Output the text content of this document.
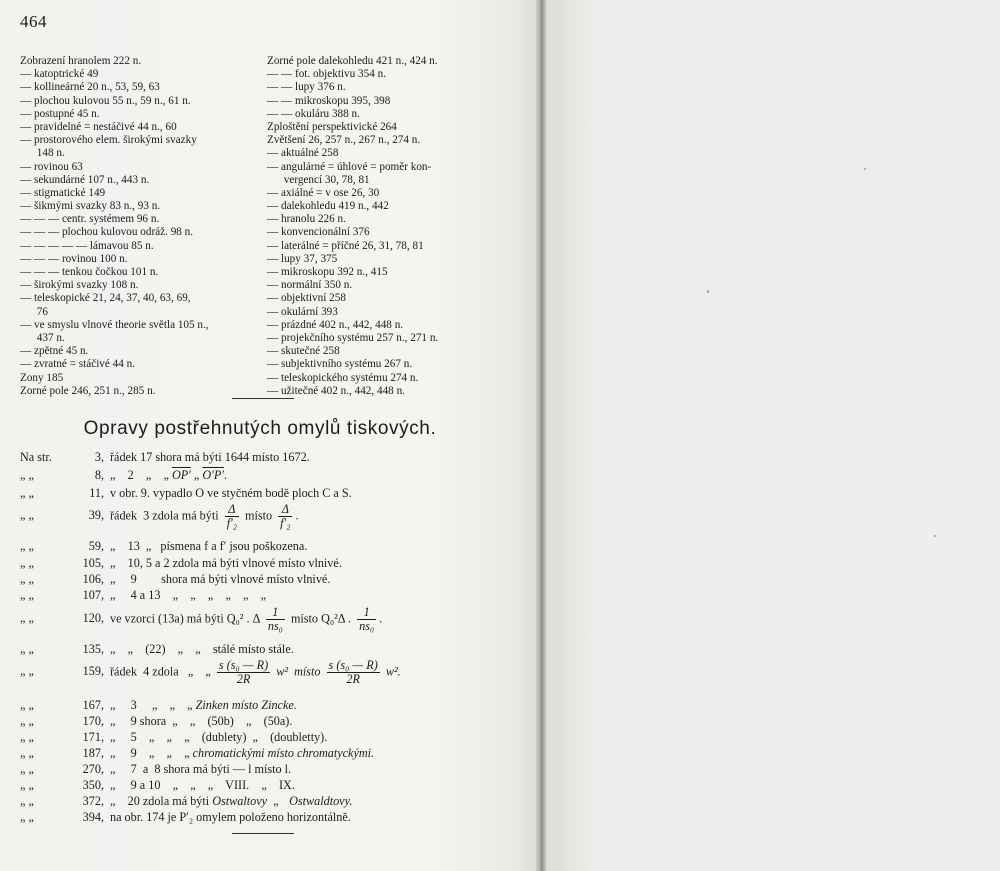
464
Zobrazení hranolem 222 n.
— katoptrické 49
— kollineárné 20 n., 53, 59, 63
— plochou kulovou 55 n., 59 n., 61 n.
— postupné 45 n.
— pravidelné = nestáčivé 44 n., 60
— prostorového elem. širokými svazky
148 n.
— rovinou 63
— sekundárné 107 n., 443 n.
— stigmatické 149
— šikmými svazky 83 n., 93 n.
— — — centr. systémem 96 n.
— — — plochou kulovou odráž. 98 n.
— — — — — lámavou 85 n.
— — — rovinou 100 n.
— — — tenkou čočkou 101 n.
— širokými svazky 108 n.
— teleskopické 21, 24, 37, 40, 63, 69,
76
— ve smyslu vlnové theorie světla 105 n.,
437 n.
— zpětné 45 n.
— zvratné = stáčivé 44 n.
Zony 185
Zorné pole 246, 251 n., 285 n.
Zorné pole dalekohledu 421 n., 424 n.
— — fot. objektivu 354 n.
— — lupy 376 n.
— — mikroskopu 395, 398
— — okuláru 388 n.
Zploštění perspektivické 264
Zvětšení 26, 257 n., 267 n., 274 n.
— aktuálné 258
— angulárné = úhlové = poměr kon-
vergencí 30, 78, 81
— axiálné = v ose 26, 30
— dalekohledu 419 n., 442
— hranolu 226 n.
— konvencionální 376
— laterálné = příčné 26, 31, 78, 81
— lupy 37, 375
— mikroskopu 392 n., 415
— normální 350 n.
— objektivní 258
— okulární 393
— prázdné 402 n., 442, 448 n.
— projekčního systému 257 n., 271 n.
— skutečné 258
— subjektivního systému 267 n.
— teleskopického systému 274 n.
— užitečné 402 n., 442, 448 n.
Opravy postřehnutých omylů tiskových.
Na str.	3, řádek 17 shora má býti 1644 místo 1672.
„ „	8, „    2    „    „ OP′ „ O′P′.
„ „	11, v obr. 9. vypadlo O ve styčném bodě ploch C a S.
„ „	39, řádek  3 zdola má býti $\frac{\Delta}{\text{f′₂}}$ místo $\frac{\Delta}{\text{f′₂}}$ .
„ „	59, „    13  „   písmena f a f′ jsou poškozena.
„ „	105, „    10, 5 a 2 zdola má býti vlnové místo vlnivé.
„ „	106, „     9        shora má býti vlnové místo vlnivé.
„ „	107, „     4 a 13    „    „    „    „    „    „
„ „	120, ve vzorci (13a) má býti Q₀² . Δ $\frac{1}{\text{ns₀}}$ místo Q₀²Δ . $\frac{1}{\text{ns₀}}$ .
„ „	135, „    „    (22)    „    „    stálé místo stále.
„ „	159, řádek  4 zdola   „    „ $\frac{\text{s (s₀ — R)}}{2R} w^2$  místo $\frac{\text{s (s₀ — R)}}{2R} w^2$.
„ „	167, „     3     „    „    „ Zinken místo Zincke.
„ „	170, „     9 shora  „    „    (50b)    „    (50a).
„ „	171, „     5    „    „    „    (dublety)  „    (doubletty).
„ „	187, „     9    „    „    „ chromatickými místo chromatyckými.
„ „	270, „     7  a  8 shora má býti — l místo l.
„ „	350, „     9 a 10    „    „    „    VIII.    „    IX.
„ „	372, „    20 zdola má býti Ostwaltovy  „   Ostwaldtovy.
„ „	394, na obr. 174 je P′₂ omylem položeno horizontálně.
